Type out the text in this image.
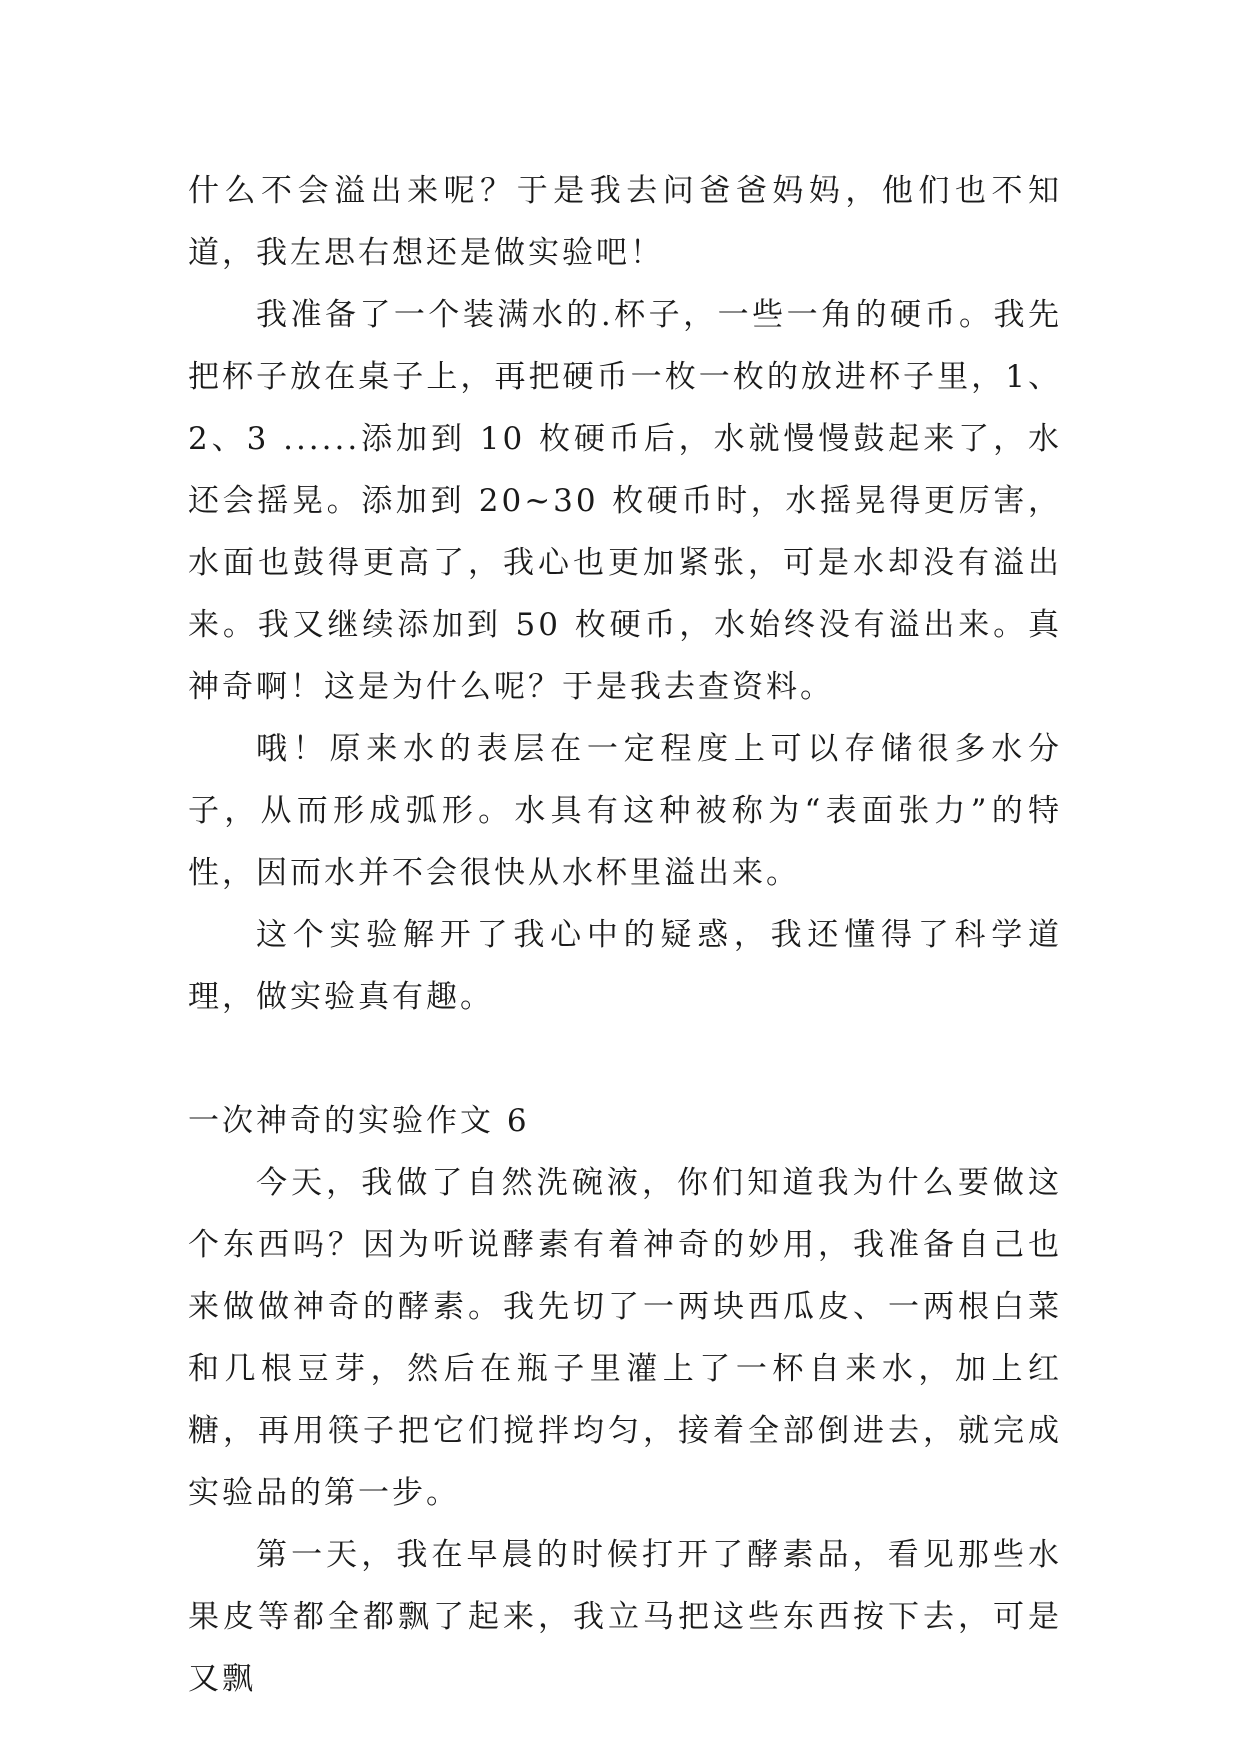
什么不会溢出来呢？于是我去问爸爸妈妈，他们也不知道，我左思右想还是做实验吧！

我准备了一个装满水的.杯子，一些一角的硬币。我先把杯子放在桌子上，再把硬币一枚一枚的放进杯子里，1、2、3 ......添加到 10 枚硬币后，水就慢慢鼓起来了，水还会摇晃。添加到 20~30 枚硬币时，水摇晃得更厉害，水面也鼓得更高了，我心也更加紧张，可是水却没有溢出来。我又继续添加到 50 枚硬币，水始终没有溢出来。真神奇啊！这是为什么呢？于是我去查资料。

哦！原来水的表层在一定程度上可以存储很多水分子，从而形成弧形。水具有这种被称为“表面张力”的特性，因而水并不会很快从水杯里溢出来。

这个实验解开了我心中的疑惑，我还懂得了科学道理，做实验真有趣。

一次神奇的实验作文 6

今天，我做了自然洗碗液，你们知道我为什么要做这个东西吗？因为听说酵素有着神奇的妙用，我准备自己也来做做神奇的酵素。我先切了一两块西瓜皮、一两根白菜和几根豆芽，然后在瓶子里灌上了一杯自来水，加上红糖，再用筷子把它们搅拌均匀，接着全部倒进去，就完成实验品的第一步。

第一天，我在早晨的时候打开了酵素品，看见那些水果皮等都全都飘了起来，我立马把这些东西按下去，可是又飘
